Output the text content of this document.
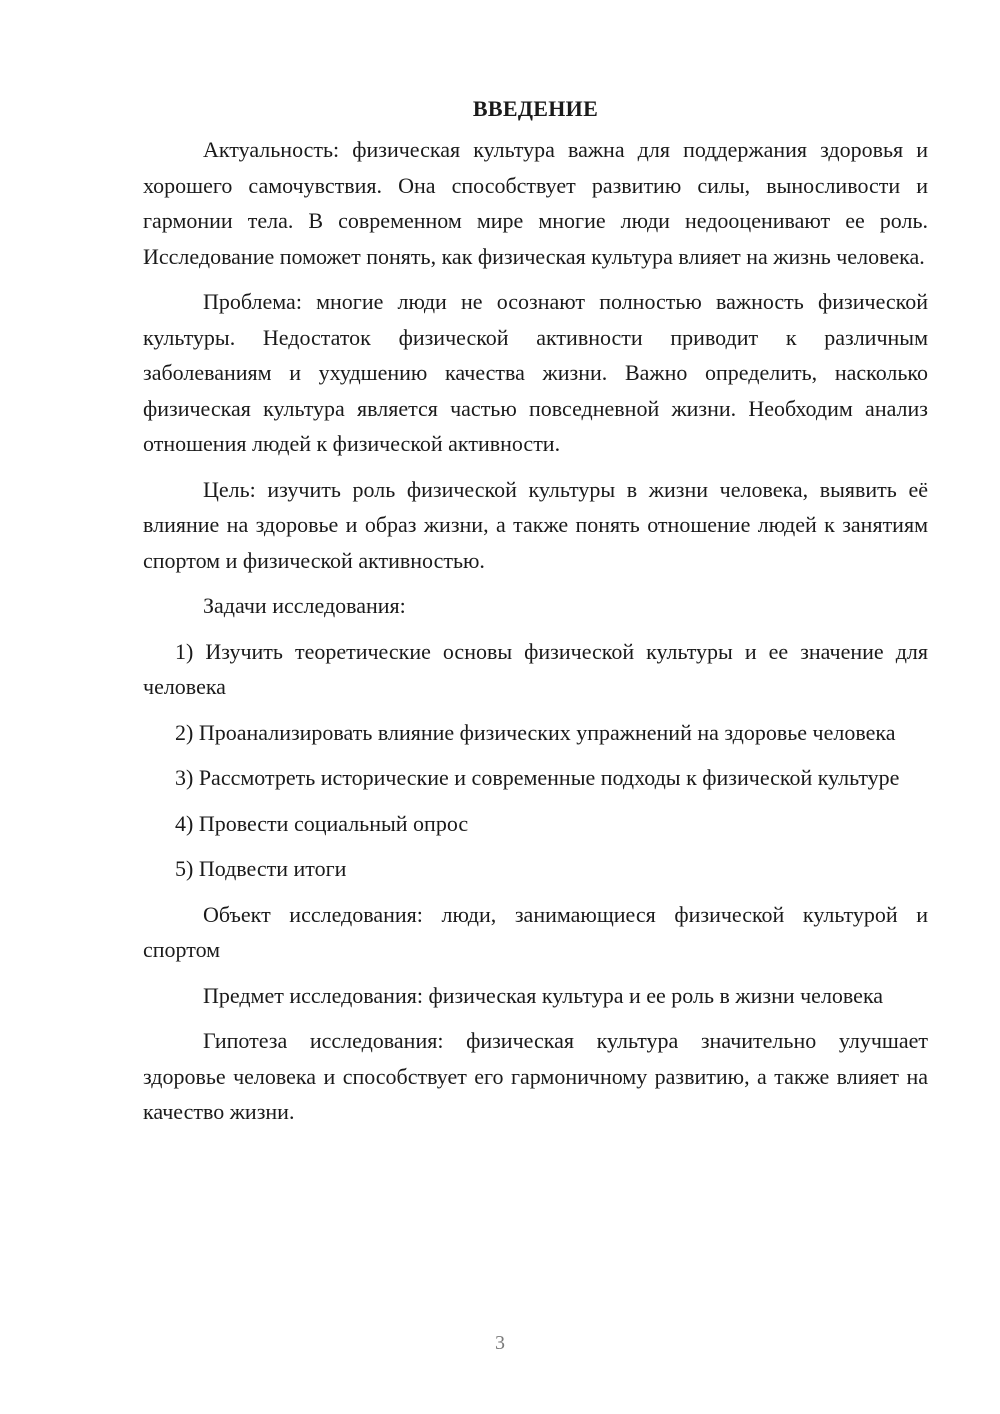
ВВЕДЕНИЕ

Актуальность: физическая культура важна для поддержания здоровья и хорошего самочувствия. Она способствует развитию силы, выносливости и гармонии тела. В современном мире многие люди недооценивают ее роль. Исследование поможет понять, как физическая культура влияет на жизнь человека.

Проблема: многие люди не осознают полностью важность физической культуры. Недостаток физической активности приводит к различным заболеваниям и ухудшению качества жизни. Важно определить, насколько физическая культура является частью повседневной жизни. Необходим анализ отношения людей к физической активности.

Цель: изучить роль физической культуры в жизни человека, выявить её влияние на здоровье и образ жизни, а также понять отношение людей к занятиям спортом и физической активностью.

Задачи исследования:

1) Изучить теоретические основы физической культуры и ее значение для человека

2) Проанализировать влияние физических упражнений на здоровье человека

3) Рассмотреть исторические и современные подходы к физической культуре

4) Провести социальный опрос

5) Подвести итоги

Объект исследования: люди, занимающиеся физической культурой и спортом

Предмет исследования: физическая культура и ее роль в жизни человека

Гипотеза исследования: физическая культура значительно улучшает здоровье человека и способствует его гармоничному развитию, а также влияет на качество жизни.

3
